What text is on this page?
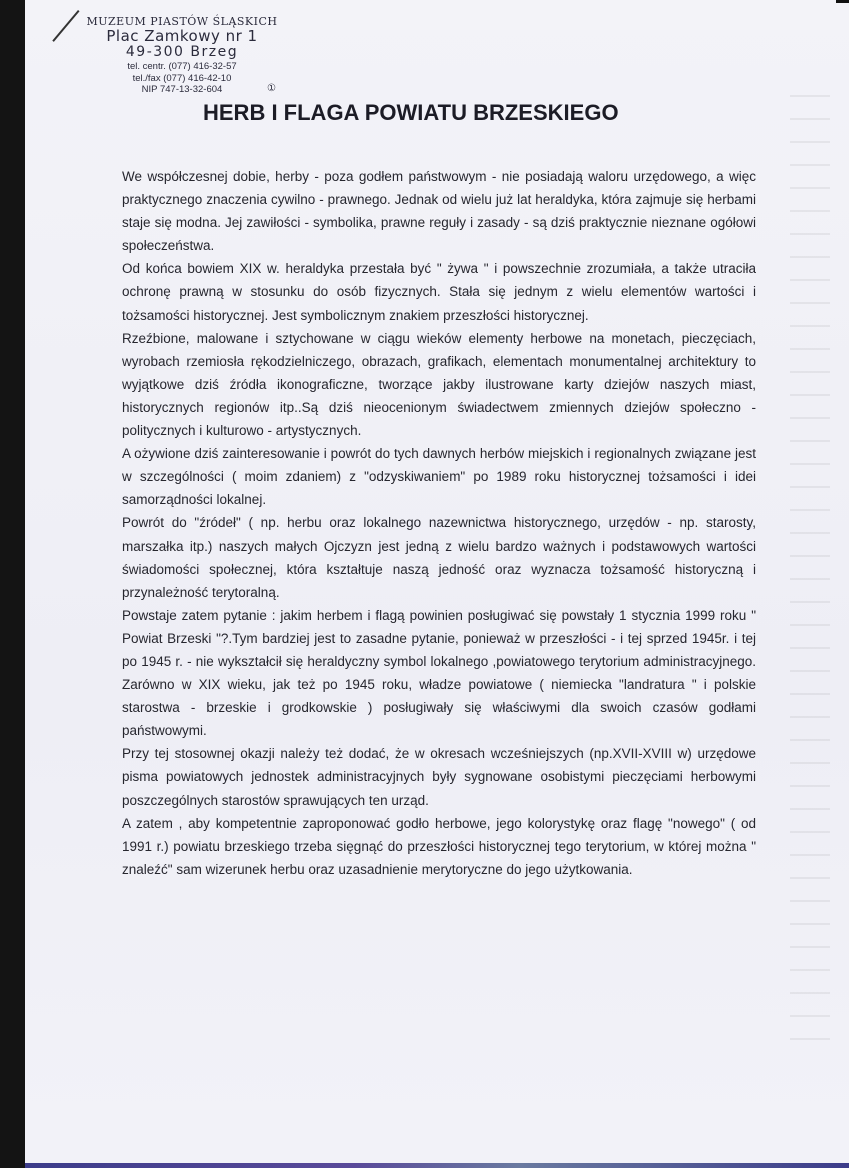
MUZEUM PIASTÓW ŚLĄSKICH
Plac Zamkowy nr 1
49-300 Brzeg
tel. centr. (077) 416-32-57
tel./fax (077) 416-42-10
NIP 747-13-32-604	①
HERB I FLAGA POWIATU BRZESKIEGO

We współczesnej dobie, herby - poza godłem państwowym - nie posiadają waloru urzędowego, a więc praktycznego znaczenia cywilno - prawnego. Jednak od wielu już lat heraldyka, która zajmuje się herbami staje się modna. Jej zawiłości - symbolika, prawne reguły i zasady - są dziś praktycznie nieznane ogółowi społeczeństwa.

Od końca bowiem XIX w. heraldyka przestała być " żywa " i powszechnie zrozumiała, a także utraciła ochronę prawną w stosunku do osób fizycznych. Stała się jednym z wielu elementów wartości i tożsamości historycznej. Jest symbolicznym znakiem przeszłości historycznej.

Rzeźbione, malowane i sztychowane w ciągu wieków elementy herbowe na monetach, pieczęciach, wyrobach rzemiosła rękodzielniczego, obrazach, grafikach, elementach monumentalnej architektury to wyjątkowe dziś źródła ikonograficzne, tworzące jakby ilustrowane karty dziejów naszych miast, historycznych regionów itp..Są dziś nieocenionym świadectwem zmiennych dziejów społeczno - politycznych i kulturowo - artystycznych.

A ożywione dziś zainteresowanie i powrót do tych dawnych herbów miejskich i regionalnych związane jest w szczególności ( moim zdaniem) z "odzyskiwaniem" po 1989 roku historycznej tożsamości i idei samorządności lokalnej.

Powrót do "źródeł" ( np. herbu oraz lokalnego nazewnictwa historycznego, urzędów - np. starosty, marszałka itp.) naszych małych Ojczyzn jest jedną z wielu bardzo ważnych i podstawowych wartości świadomości społecznej, która kształtuje naszą jedność oraz wyznacza tożsamość historyczną i przynależność terytoralną.

Powstaje zatem pytanie : jakim herbem i flagą powinien posługiwać się powstały 1 stycznia 1999 roku " Powiat Brzeski "?.Tym bardziej jest to zasadne pytanie, ponieważ w przeszłości - i tej sprzed 1945r. i tej po 1945 r. - nie wykształcił się heraldyczny symbol lokalnego ,powiatowego terytorium administracyjnego. Zarówno w XIX wieku, jak też po 1945 roku, władze powiatowe ( niemiecka "landratura " i polskie starostwa - brzeskie i grodkowskie ) posługiwały się właściwymi dla swoich czasów godłami państwowymi.

Przy tej stosownej okazji należy też dodać, że w okresach wcześniejszych (np.XVII-XVIII w) urzędowe pisma powiatowych jednostek administracyjnych były sygnowane osobistymi pieczęciami herbowymi poszczególnych starostów sprawujących ten urząd.

A zatem , aby kompetentnie zaproponować godło herbowe, jego kolorystykę oraz flagę "nowego" ( od 1991 r.) powiatu brzeskiego trzeba sięgnąć do przeszłości historycznej tego terytorium, w której można " znaleźć" sam wizerunek herbu oraz uzasadnienie merytoryczne do jego użytkowania.
